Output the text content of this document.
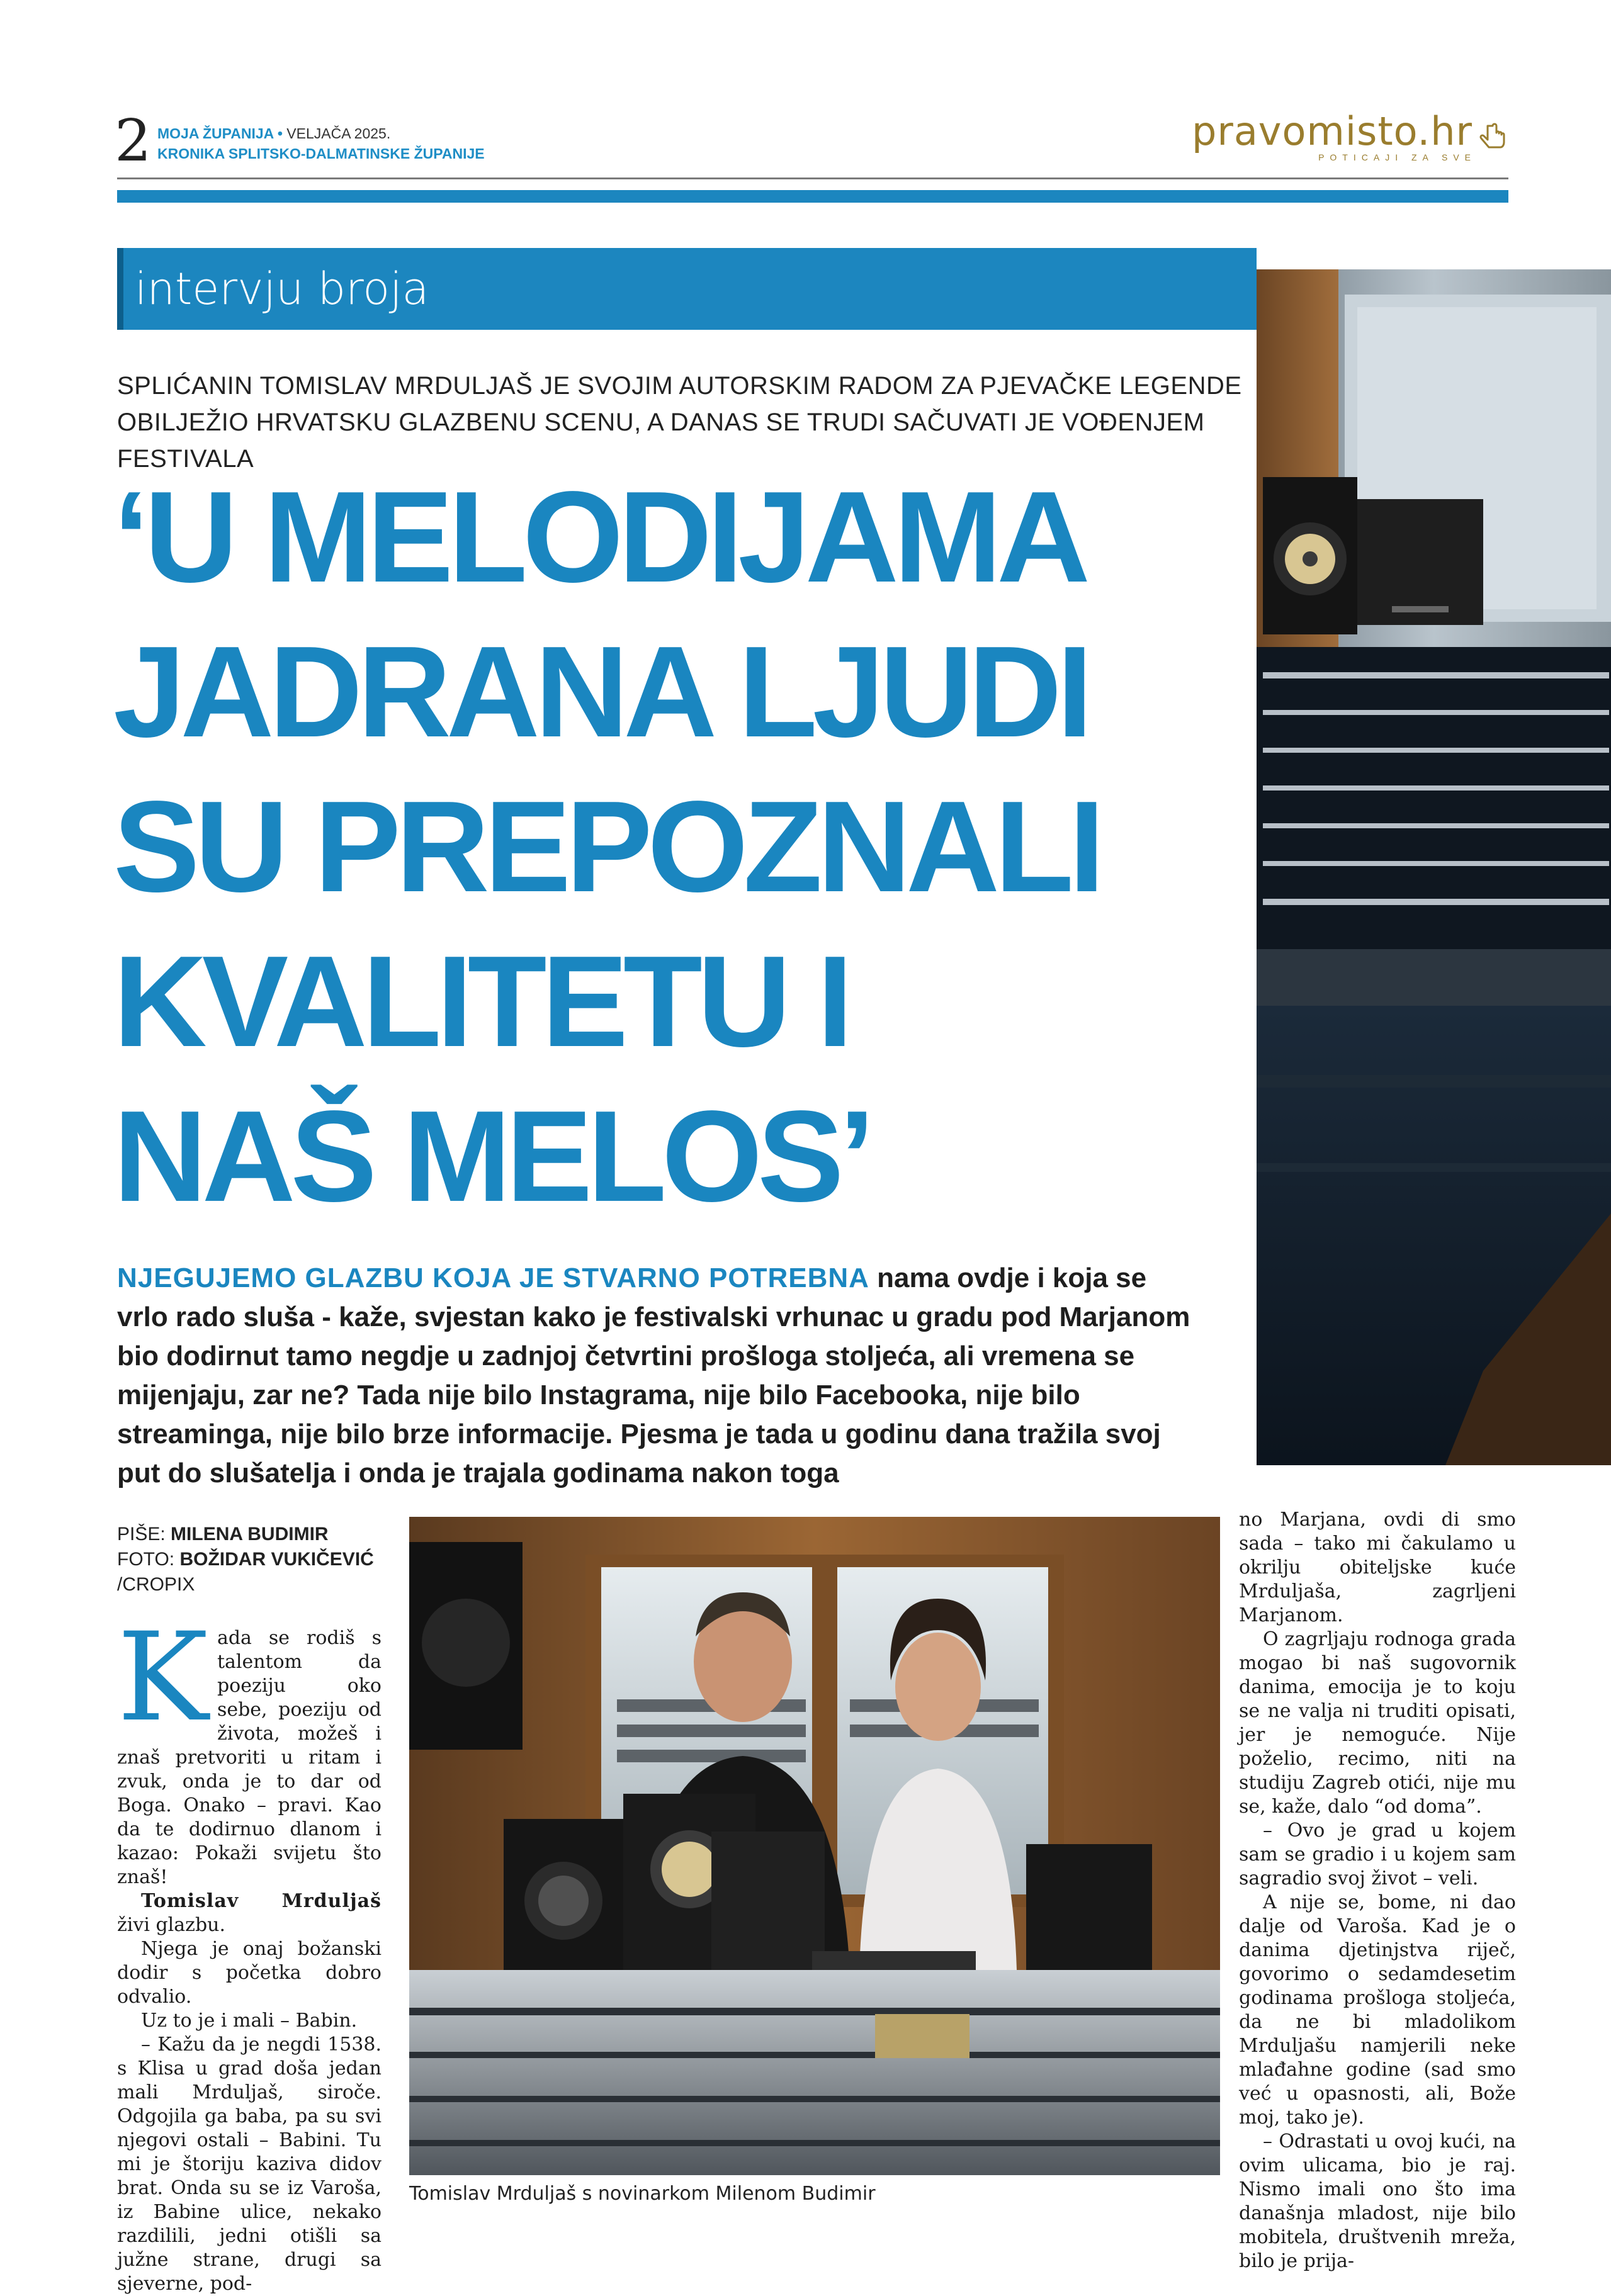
2 MOJA ŽUPANIJA • VELJAČA 2025.
KRONIKA SPLITSKO-DALMATINSKE ŽUPANIJE	pravomisto.hr
POTICAJI ZA SVE
intervju broja
SPLIĆANIN TOMISLAV MRDULJAŠ JE SVOJIM AUTORSKIM RADOM ZA PJEVAČKE LEGENDE
OBILJEŽIO HRVATSKU GLAZBENU SCENU, A DANAS SE TRUDI SAČUVATI JE VOĐENJEM FESTIVALA
‘U MELODIJAMA
JADRANA LJUDI
SU PREPOZNALI
KVALITETU I
NAŠ MELOS’
NJEGUJEMO GLAZBU KOJA JE STVARNO POTREBNA nama ovdje i koja se vrlo rado sluša - kaže, svjestan kako je festivalski vrhunac u gradu pod Marjanom bio dodirnut tamo negdje u zadnjoj četvrtini prošloga stoljeća, ali vremena se mijenjaju, zar ne? Tada nije bilo Instagrama, nije bilo Facebooka, nije bilo streaminga, nije bilo brze informacije. Pjesma je tada u godinu dana tražila svoj put do slušatelja i onda je trajala godinama nakon toga
PIŠE: MILENA BUDIMIR
FOTO: BOŽIDAR VUKIČEVIĆ
/CROPIX
K ada se rodiš s talentom da poeziju oko sebe, poeziju od života, možeš i znaš pretvoriti u ritam i zvuk, onda je to dar od Boga. Onako – pravi. Kao da te dodirnuo dlanom i kazao: Pokaži svijetu što znaš!

Tomislav Mrduljaš živi glazbu.

Njega je onaj božanski dodir s početka dobro odvalio.

Uz to je i mali – Babin.

– Kažu da je negdi 1538. s Klisa u grad doša jedan mali Mrduljaš, siroče. Odgojila ga baba, pa su svi njegovi ostali – Babini. Tu mi je štoriju kaziva didov brat. Onda su se iz Varoša, iz Babine ulice, nekako razdilili, jedni otišli sa južne strane, drugi sa sjeverne, pod-

Tomislav Mrduljaš s novinarkom Milenom Budimir

no Marjana, ovdi di smo sada – tako mi čakulamo u okrilju obiteljske kuće Mrduljaša, zagrljeni Marjanom.

O zagrljaju rodnoga grada mogao bi naš sugovornik danima, emocija je to koju se ne valja ni truditi opisati, jer je nemoguće. Nije poželio, recimo, niti na studiju Zagreb otići, nije mu se, kaže, dalo “od doma”.

– Ovo je grad u kojem sam se gradio i u kojem sam sagradio svoj život – veli.

A nije se, bome, ni dao dalje od Varoša. Kad je o danima djetinjstva riječ, govorimo o sedamdesetim godinama prošloga stoljeća, da ne bi mladolikom Mrduljašu namjerili neke mlađahne godine (sad smo već u opasnosti, ali, Bože moj, tako je).

– Odrastati u ovoj kući, na ovim ulicama, bio je raj. Nismo imali ono što ima današnja mladost, nije bilo mobitela, društvenih mreža, bilo je prija-
